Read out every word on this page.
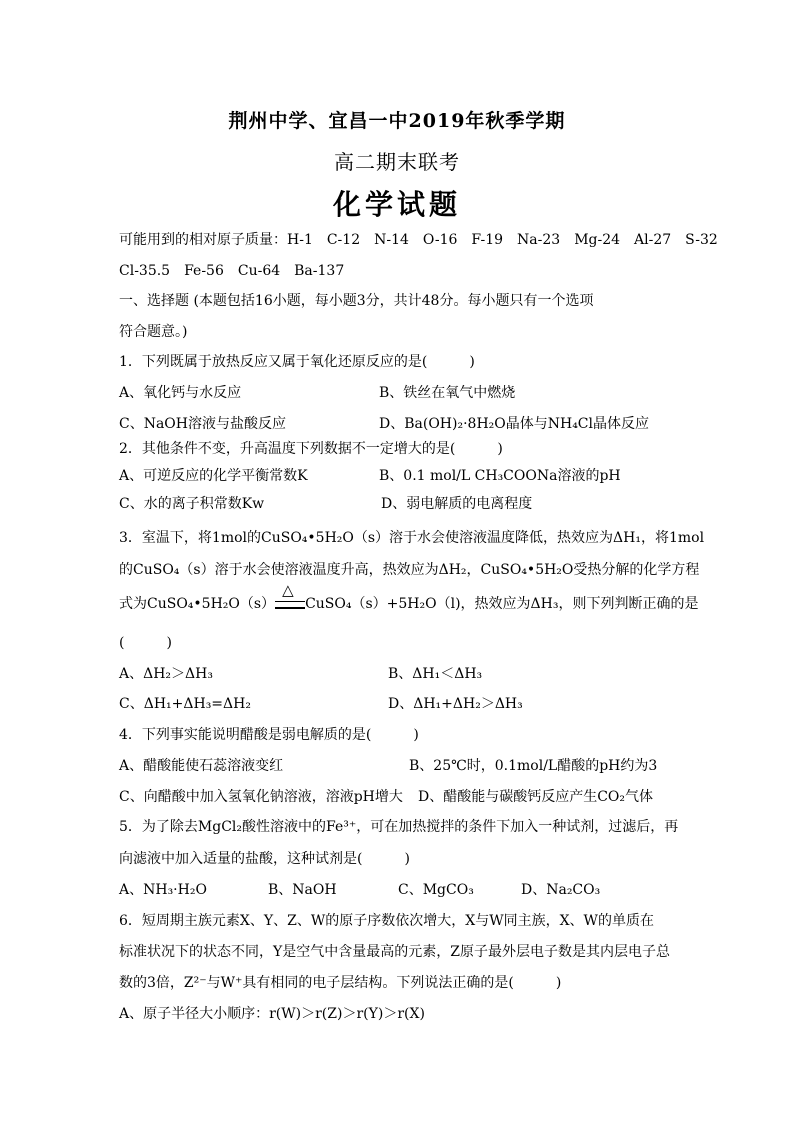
荆州中学、宜昌一中2019年秋季学期
高二期末联考
化学试题
可能用到的相对原子质量：H-1　C-12　N-14　O-16　F-19　Na-23　Mg-24　Al-27　S-32
Cl-35.5　Fe-56　Cu-64　Ba-137
一、选择题 (本题包括16小题，每小题3分，共计48分。每小题只有一个选项
符合题意。)
1．下列既属于放热反应又属于氧化还原反应的是(　　　)
A、氧化钙与水反应	B、铁丝在氧气中燃烧
C、NaOH溶液与盐酸反应	D、Ba(OH)₂·8H₂O晶体与NH₄Cl晶体反应
2．其他条件不变，升高温度下列数据不一定增大的是(　　　)
A、可逆反应的化学平衡常数K	B、0.1 mol/L CH₃COONa溶液的pH
C、水的离子积常数Kw	D、弱电解质的电离程度
3．室温下，将1mol的CuSO₄•5H₂O（s）溶于水会使溶液温度降低，热效应为ΔH₁，将1mol
的CuSO₄（s）溶于水会使溶液温度升高，热效应为ΔH₂，CuSO₄•5H₂O受热分解的化学方程
式为CuSO₄•5H₂O（s）
△
CuSO₄（s）+5H₂O（l)，热效应为ΔH₃，则下列判断正确的是
(　　　)
A、ΔH₂＞ΔH₃	B、ΔH₁＜ΔH₃
C、ΔH₁+ΔH₃=ΔH₂	D、ΔH₁+ΔH₂＞ΔH₃
4．下列事实能说明醋酸是弱电解质的是(　　　)
A、醋酸能使石蕊溶液变红	B、25℃时，0.1mol/L醋酸的pH约为3
C、向醋酸中加入氢氧化钠溶液，溶液pH增大 D、醋酸能与碳酸钙反应产生CO₂气体
5．为了除去MgCl₂酸性溶液中的Fe³⁺，可在加热搅拌的条件下加入一种试剂，过滤后，再
向滤液中加入适量的盐酸，这种试剂是(　　　)
A、NH₃·H₂O	B、NaOH	C、MgCO₃	D、Na₂CO₃
6．短周期主族元素X、Y、Z、W的原子序数依次增大，X与W同主族，X、W的单质在
标准状况下的状态不同，Y是空气中含量最高的元素，Z原子最外层电子数是其内层电子总
数的3倍，Z²⁻与W⁺具有相同的电子层结构。下列说法正确的是(　　　)
A、原子半径大小顺序：r(W)＞r(Z)＞r(Y)＞r(X)
